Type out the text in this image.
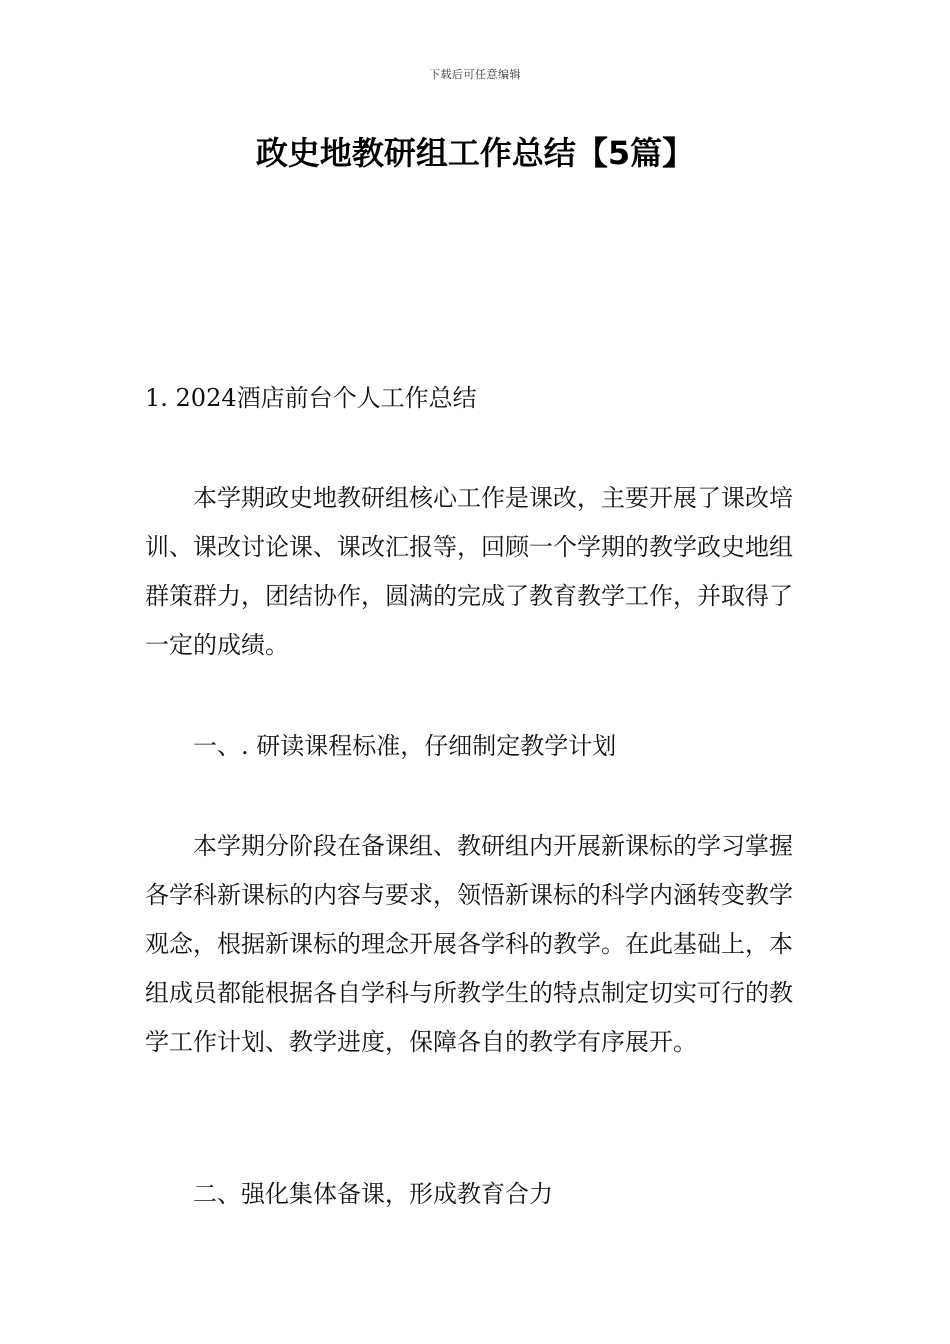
下载后可任意编辑
政史地教研组工作总结【5篇】

1. 2024酒店前台个人工作总结

本学期政史地教研组核心工作是课改，主要开展了课改培训、课改讨论课、课改汇报等，回顾一个学期的教学政史地组群策群力，团结协作，圆满的完成了教育教学工作，并取得了一定的成绩。

一、. 研读课程标准，仔细制定教学计划

本学期分阶段在备课组、教研组内开展新课标的学习掌握各学科新课标的内容与要求，领悟新课标的科学内涵转变教学观念，根据新课标的理念开展各学科的教学。在此基础上，本组成员都能根据各自学科与所教学生的特点制定切实可行的教学工作计划、教学进度，保障各自的教学有序展开。

二、强化集体备课，形成教育合力
